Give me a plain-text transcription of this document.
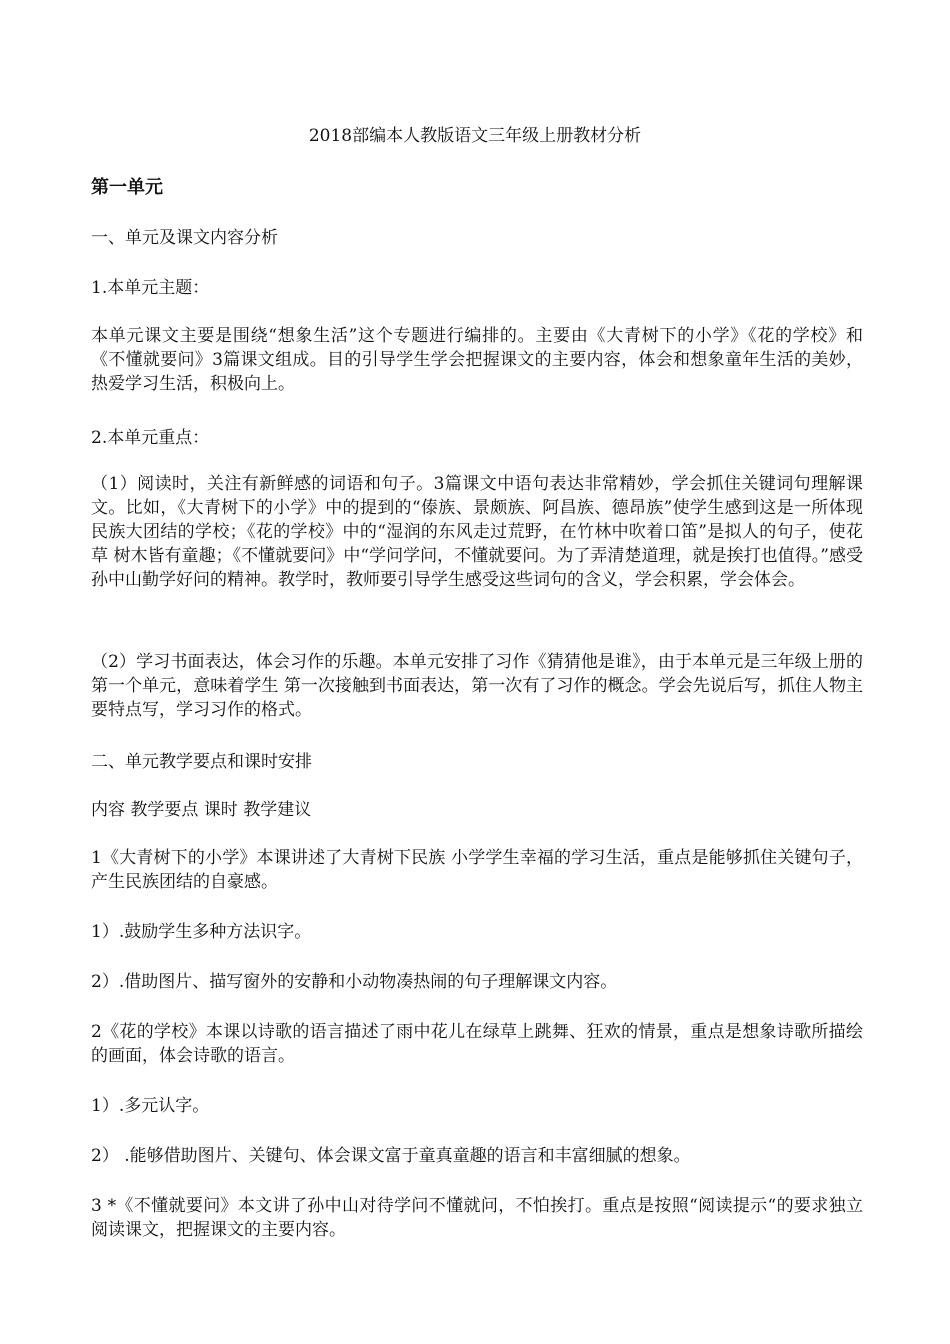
2018部编本人教版语文三年级上册教材分析

第一单元

一、单元及课文内容分析

1.本单元主题：

本单元课文主要是围绕“想象生活”这个专题进行编排的。主要由《大青树下的小学》《花的学校》和《不懂就要问》3篇课文组成。目的引导学生学会把握课文的主要内容，体会和想象童年生活的美妙，热爱学习生活，积极向上。

2.本单元重点：

（1）阅读时，关注有新鲜感的词语和句子。3篇课文中语句表达非常精妙，学会抓住关键词句理解课文。比如，《大青树下的小学》中的提到的“傣族、景颇族、阿昌族、德昂族”使学生感到这是一所体现民族大团结的学校；《花的学校》中的“湿润的东风走过荒野，在竹林中吹着口笛”是拟人的句子，使花草 树木皆有童趣；《不懂就要问》中“学问学问，不懂就要问。为了弄清楚道理，就是挨打也值得。”感受孙中山勤学好问的精神。教学时，教师要引导学生感受这些词句的含义，学会积累，学会体会。

（2）学习书面表达，体会习作的乐趣。本单元安排了习作《猜猜他是谁》，由于本单元是三年级上册的第一个单元，意味着学生 第一次接触到书面表达，第一次有了习作的概念。学会先说后写，抓住人物主要特点写，学习习作的格式。

二、单元教学要点和课时安排

内容 教学要点 课时 教学建议

1《大青树下的小学》本课讲述了大青树下民族 小学学生幸福的学习生活，重点是能够抓住关键句子，产生民族团结的自豪感。

1）.鼓励学生多种方法识字。

2）.借助图片、描写窗外的安静和小动物凑热闹的句子理解课文内容。

2《花的学校》本课以诗歌的语言描述了雨中花儿在绿草上跳舞、狂欢的情景，重点是想象诗歌所描绘的画面，体会诗歌的语言。

1）.多元认字。

2） .能够借助图片、关键句、体会课文富于童真童趣的语言和丰富细腻的想象。

3 *《不懂就要问》本文讲了孙中山对待学问不懂就问，不怕挨打。重点是按照“阅读提示“的要求独立阅读课文，把握课文的主要内容。
